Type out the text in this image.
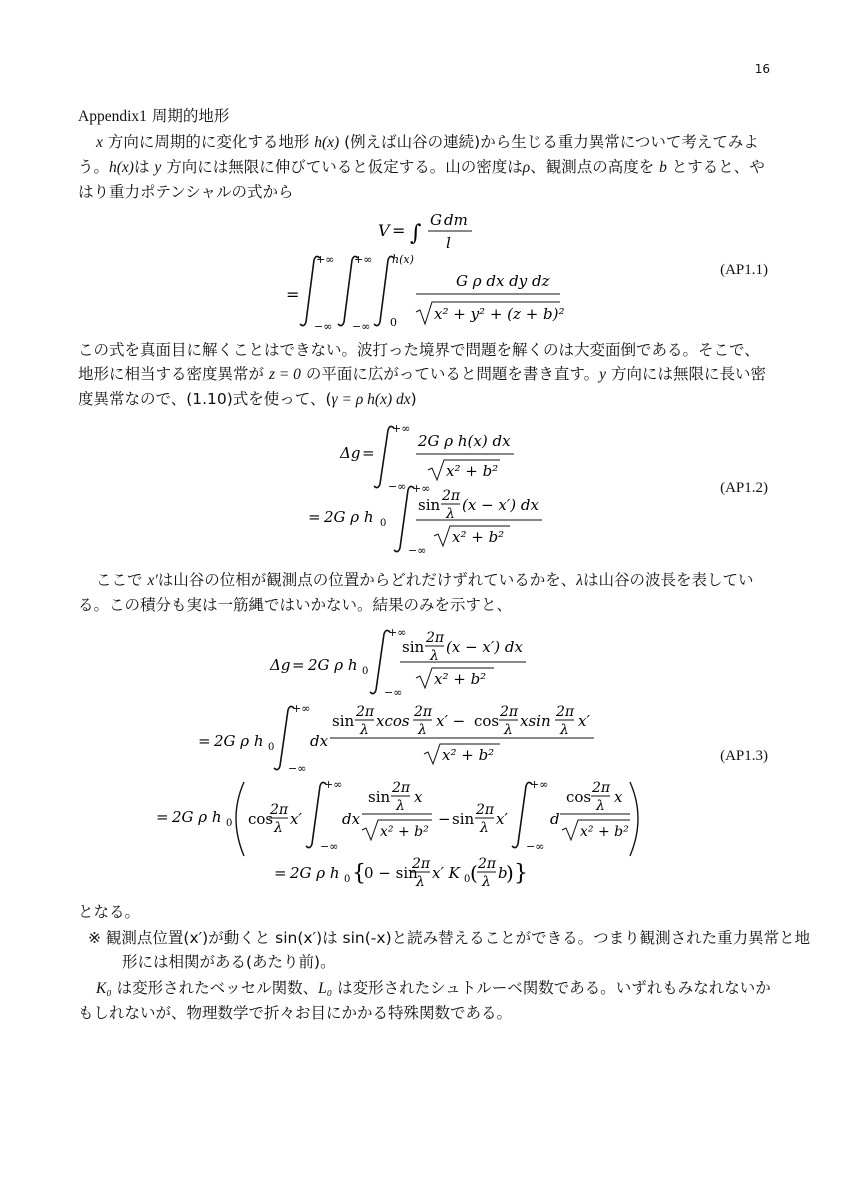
16
Appendix1 周期的地形

x 方向に周期的に変化する地形 h(x) (例えば山谷の連続)から生じる重力異常について考えてみよう。h(x)は y 方向には無限に伸びていると仮定する。山の密度はρ、観測点の高度を b とすると、やはり重力ポテンシャルの式から

V = ∫
G dm
l
=
+∞
−∞
+∞
−∞
h(x)
0
G ρ dx dy dz
x² + y² + (z + b)²
(AP1.1)

この式を真面目に解くことはできない。波打った境界で問題を解くのは大変面倒である。そこで、地形に相当する密度異常が z = 0 の平面に広がっていると問題を書き直す。y 方向には無限に長い密度異常なので、(1.10)式を使って、(γ = ρ h(x) dx)

Δg =
+∞
−∞
2G ρ h(x) dx
x² + b²
= 2G ρ h 0
+∞
−∞
sin 2π
λ (x − x′) dx
x² + b²
(AP1.2)

ここで x′は山谷の位相が観測点の位置からどれだけずれているかを、λは山谷の波長を表している。この積分も実は一筋縄ではいかない。結果のみを示すと、

Δg = 2G ρ h 0
+∞
−∞
sin 2π
λ (x − x′) dx
x² + b²
= 2G ρ h 0
+∞
−∞
dx
sin 2π
λ xcos 2π
λ x′ − cos 2π
λ xsin 2π
λ x′
x² + b²
= 2G ρ h 0 cos
2π
λ x′
+∞
−∞
dx
sin 2π
λ x
x² + b²
− sin 2π
λ x′
+∞
−∞
d
cos 2π
λ x
x² + b²
= 2G ρ h 0 {
0 − sin
2π
λ x′ K 0 ( 2π
λ b
) }
(AP1.3)

となる。

※ 観測点位置(x′)が動くと sin(x′)は sin(-x)と読み替えることができる。つまり観測された重力異常と地形には相関がある(あたり前)。

K₀ は変形されたベッセル関数、L₀ は変形されたシュトルーベ関数である。いずれもみなれないかもしれないが、物理数学で折々お目にかかる特殊関数である。
